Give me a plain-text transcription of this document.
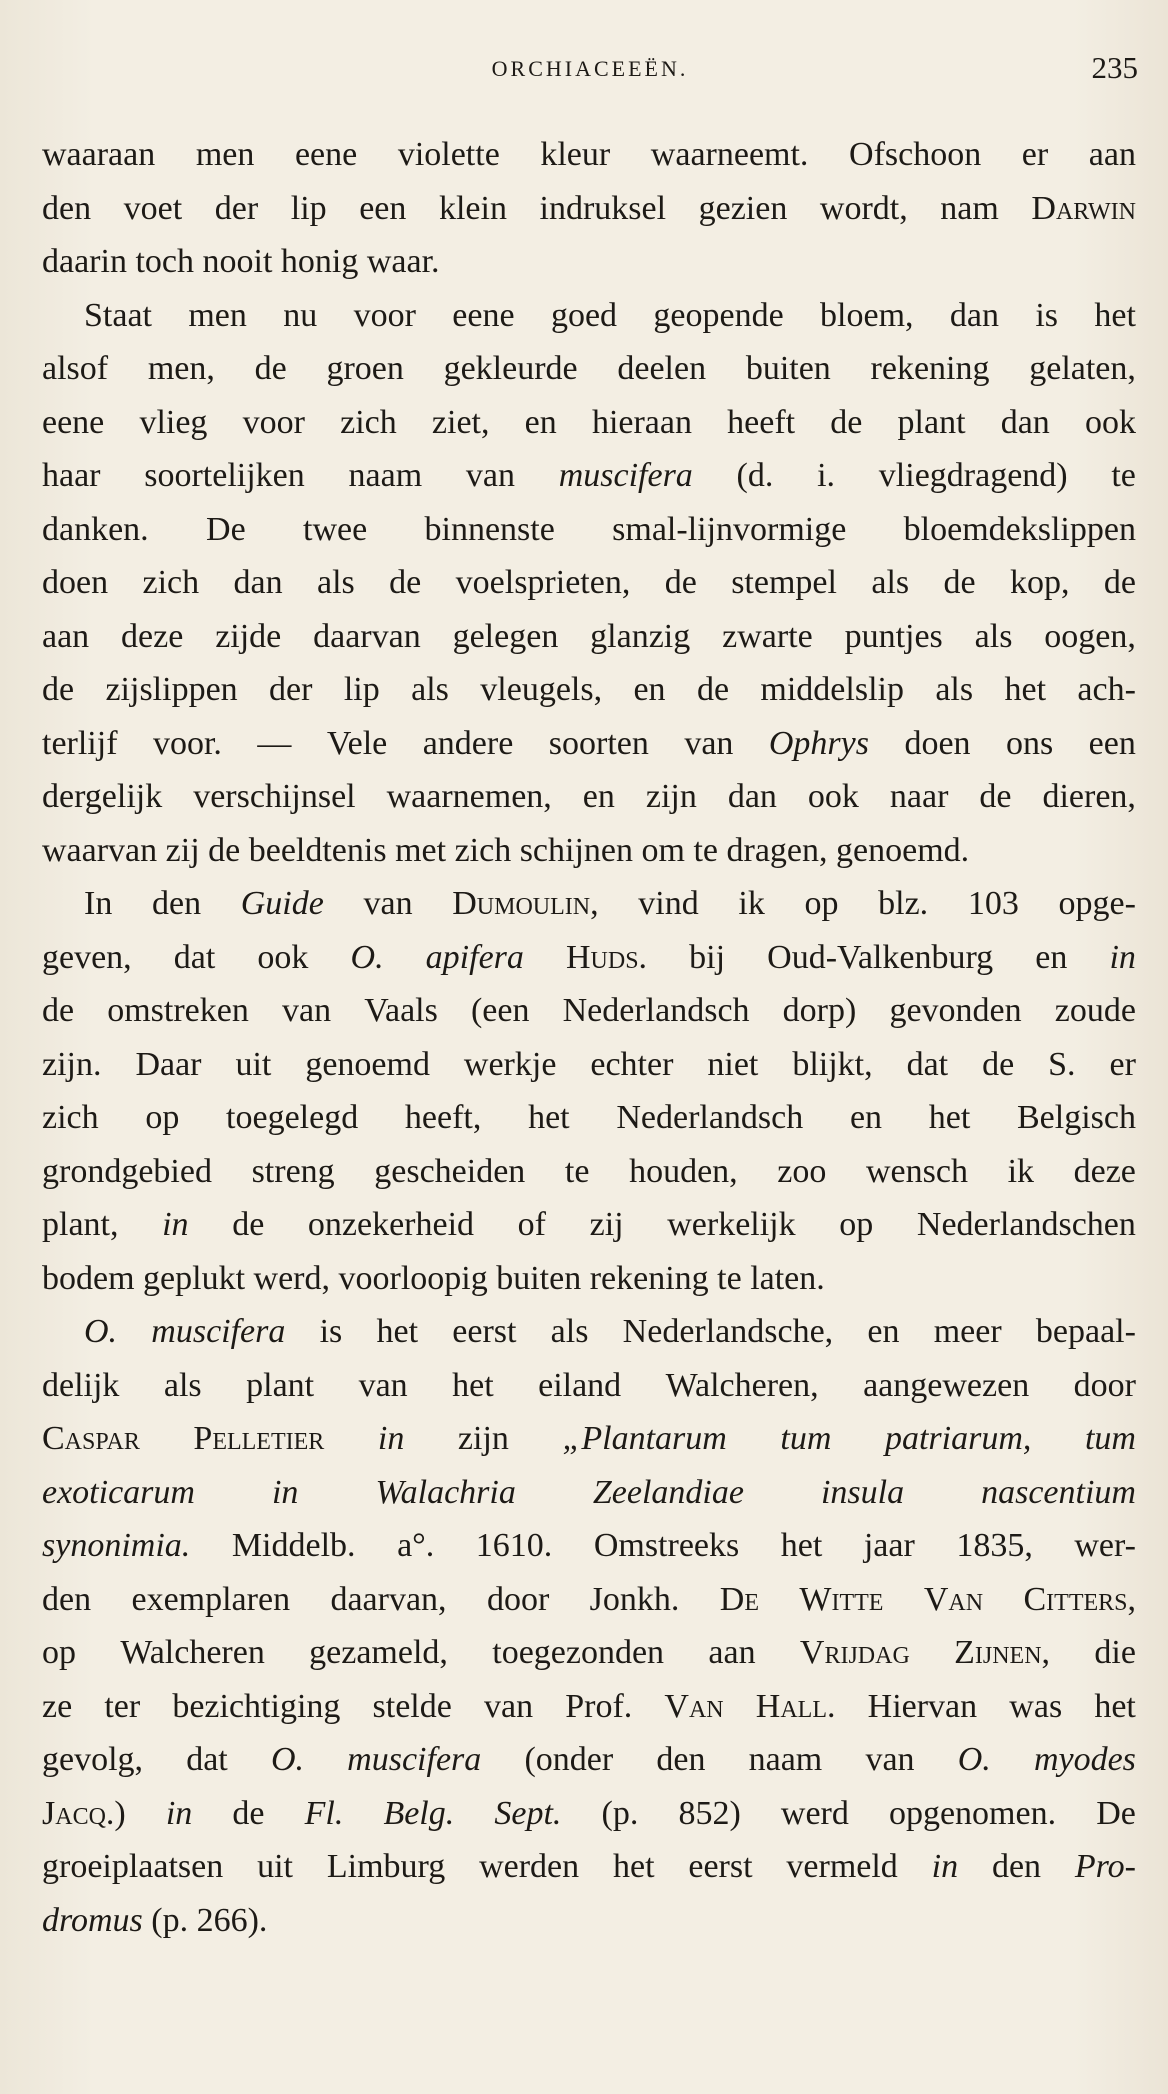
ORCHIACEEËN.	235
waaraan men eene violette kleur waarneemt. Ofschoon er aan
den voet der lip een klein indruksel gezien wordt, nam Darwin
daarin toch nooit honig waar.
Staat men nu voor eene goed geopende bloem, dan is het
alsof men, de groen gekleurde deelen buiten rekening gelaten,
eene vlieg voor zich ziet, en hieraan heeft de plant dan ook
haar soortelijken naam van muscifera (d. i. vliegdragend) te
danken. De twee binnenste smal-lijnvormige bloemdekslippen
doen zich dan als de voelsprieten, de stempel als de kop, de
aan deze zijde daarvan gelegen glanzig zwarte puntjes als oogen,
de zijslippen der lip als vleugels, en de middelslip als het ach-
terlijf voor. — Vele andere soorten van Ophrys doen ons een
dergelijk verschijnsel waarnemen, en zijn dan ook naar de dieren,
waarvan zij de beeldtenis met zich schijnen om te dragen, genoemd.
In den Guide van Dumoulin, vind ik op blz. 103 opge-
geven, dat ook O. apifera Huds. bij Oud-Valkenburg en in
de omstreken van Vaals (een Nederlandsch dorp) gevonden zoude
zijn. Daar uit genoemd werkje echter niet blijkt, dat de S. er
zich op toegelegd heeft, het Nederlandsch en het Belgisch
grondgebied streng gescheiden te houden, zoo wensch ik deze
plant, in de onzekerheid of zij werkelijk op Nederlandschen
bodem geplukt werd, voorloopig buiten rekening te laten.
O. muscifera is het eerst als Nederlandsche, en meer bepaal-
delijk als plant van het eiland Walcheren, aangewezen door
Caspar Pelletier in zijn „Plantarum tum patriarum, tum
exoticarum in Walachria Zeelandiae insula nascentium
synonimia. Middelb. a°. 1610. Omstreeks het jaar 1835, wer-
den exemplaren daarvan, door Jonkh. De Witte Van Citters,
op Walcheren gezameld, toegezonden aan Vrijdag Zijnen, die
ze ter bezichtiging stelde van Prof. Van Hall. Hiervan was het
gevolg, dat O. muscifera (onder den naam van O. myodes
Jacq.) in de Fl. Belg. Sept. (p. 852) werd opgenomen. De
groeiplaatsen uit Limburg werden het eerst vermeld in den Pro-
dromus (p. 266).
